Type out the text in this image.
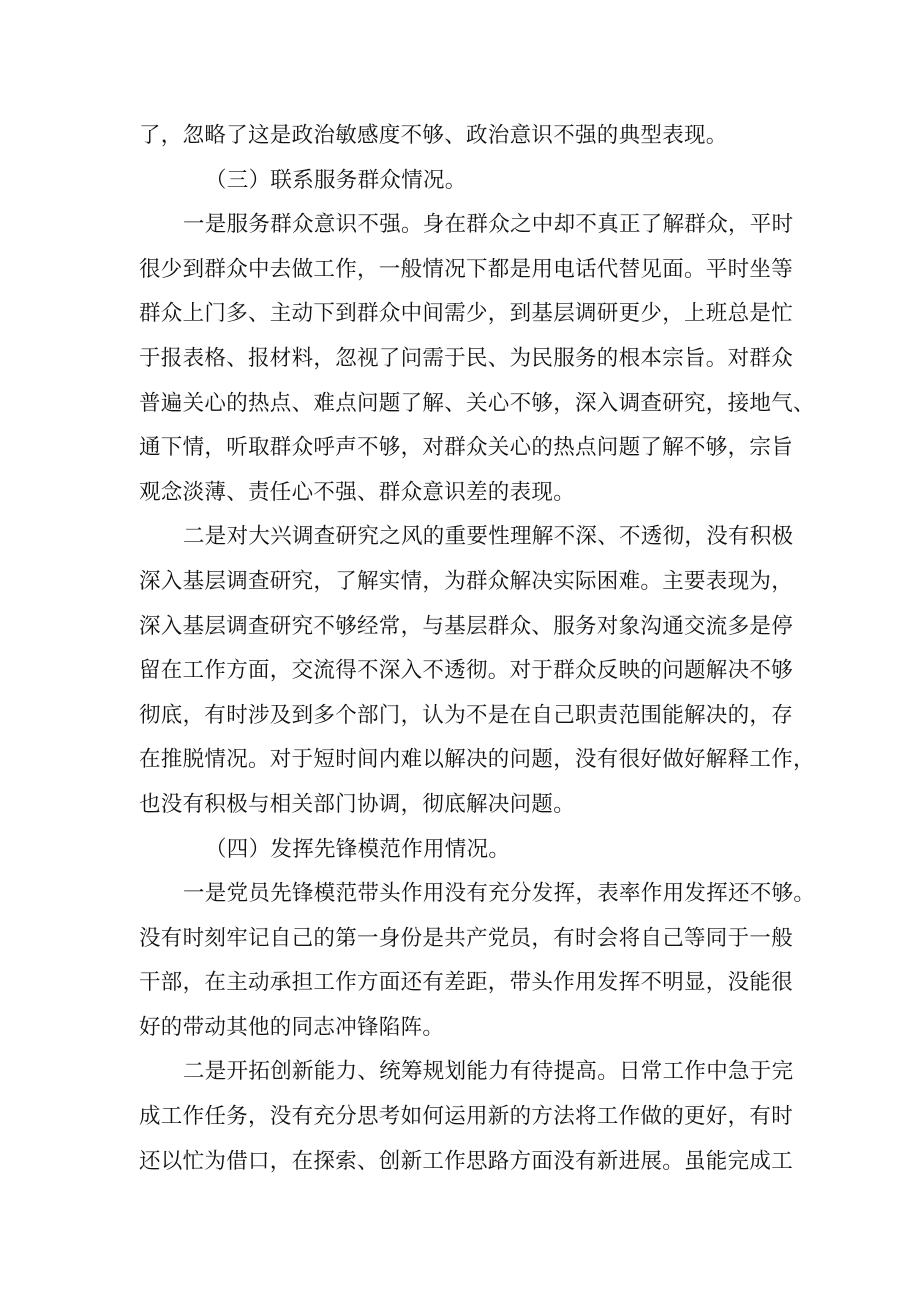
了，忽略了这是政治敏感度不够、政治意识不强的典型表现。
（三）联系服务群众情况。
一是服务群众意识不强。身在群众之中却不真正了解群众，平时
很少到群众中去做工作，一般情况下都是用电话代替见面。平时坐等
群众上门多、主动下到群众中间需少，到基层调研更少，上班总是忙
于报表格、报材料，忽视了问需于民、为民服务的根本宗旨。对群众
普遍关心的热点、难点问题了解、关心不够，深入调查研究，接地气、
通下情，听取群众呼声不够，对群众关心的热点问题了解不够，宗旨
观念淡薄、责任心不强、群众意识差的表现。
二是对大兴调查研究之风的重要性理解不深、不透彻，没有积极
深入基层调查研究，了解实情，为群众解决实际困难。主要表现为，
深入基层调查研究不够经常，与基层群众、服务对象沟通交流多是停
留在工作方面，交流得不深入不透彻。对于群众反映的问题解决不够
彻底，有时涉及到多个部门，认为不是在自己职责范围能解决的，存
在推脱情况。对于短时间内难以解决的问题，没有很好做好解释工作，
也没有积极与相关部门协调，彻底解决问题。
（四）发挥先锋模范作用情况。
一是党员先锋模范带头作用没有充分发挥，表率作用发挥还不够。
没有时刻牢记自己的第一身份是共产党员，有时会将自己等同于一般
干部，在主动承担工作方面还有差距，带头作用发挥不明显，没能很
好的带动其他的同志冲锋陷阵。
二是开拓创新能力、统筹规划能力有待提高。日常工作中急于完
成工作任务，没有充分思考如何运用新的方法将工作做的更好，有时
还以忙为借口，在探索、创新工作思路方面没有新进展。虽能完成工
